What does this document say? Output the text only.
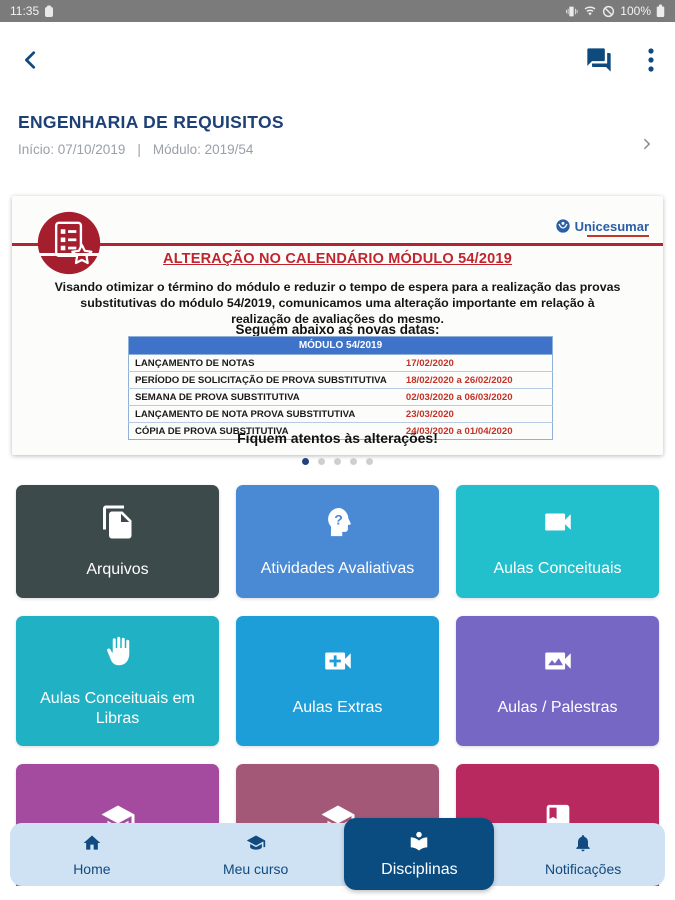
11:35	100%
ENGENHARIA DE REQUISITOS
Início: 07/10/2019 | Módulo: 2019/54
Unicesumar
ALTERAÇÃO NO CALENDÁRIO MÓDULO 54/2019
Visando otimizar o término do módulo e reduzir o tempo de espera para a realização das provas substitutivas do módulo 54/2019, comunicamos uma alteração importante em relação à realização de avaliações do mesmo.
Seguem abaixo as novas datas:
MÓDULO 54/2019	
LANÇAMENTO DE NOTAS	17/02/2020
PERÍODO DE SOLICITAÇÃO DE PROVA SUBSTITUTIVA	18/02/2020 a 26/02/2020
SEMANA DE PROVA SUBSTITUTIVA	02/03/2020 a 06/03/2020
LANÇAMENTO DE NOTA PROVA SUBSTITUTIVA	23/03/2020
CÓPIA DE PROVA SUBSTITUTIVA	24/03/2020 a 01/04/2020
Fiquem atentos às alterações!
Arquivos
?
Atividades Avaliativas	Aulas Conceituais
Aulas Conceituais em Libras
Aulas Extras	Aulas / Palestras
Home	Meu curso	Disciplinas	Notificações
